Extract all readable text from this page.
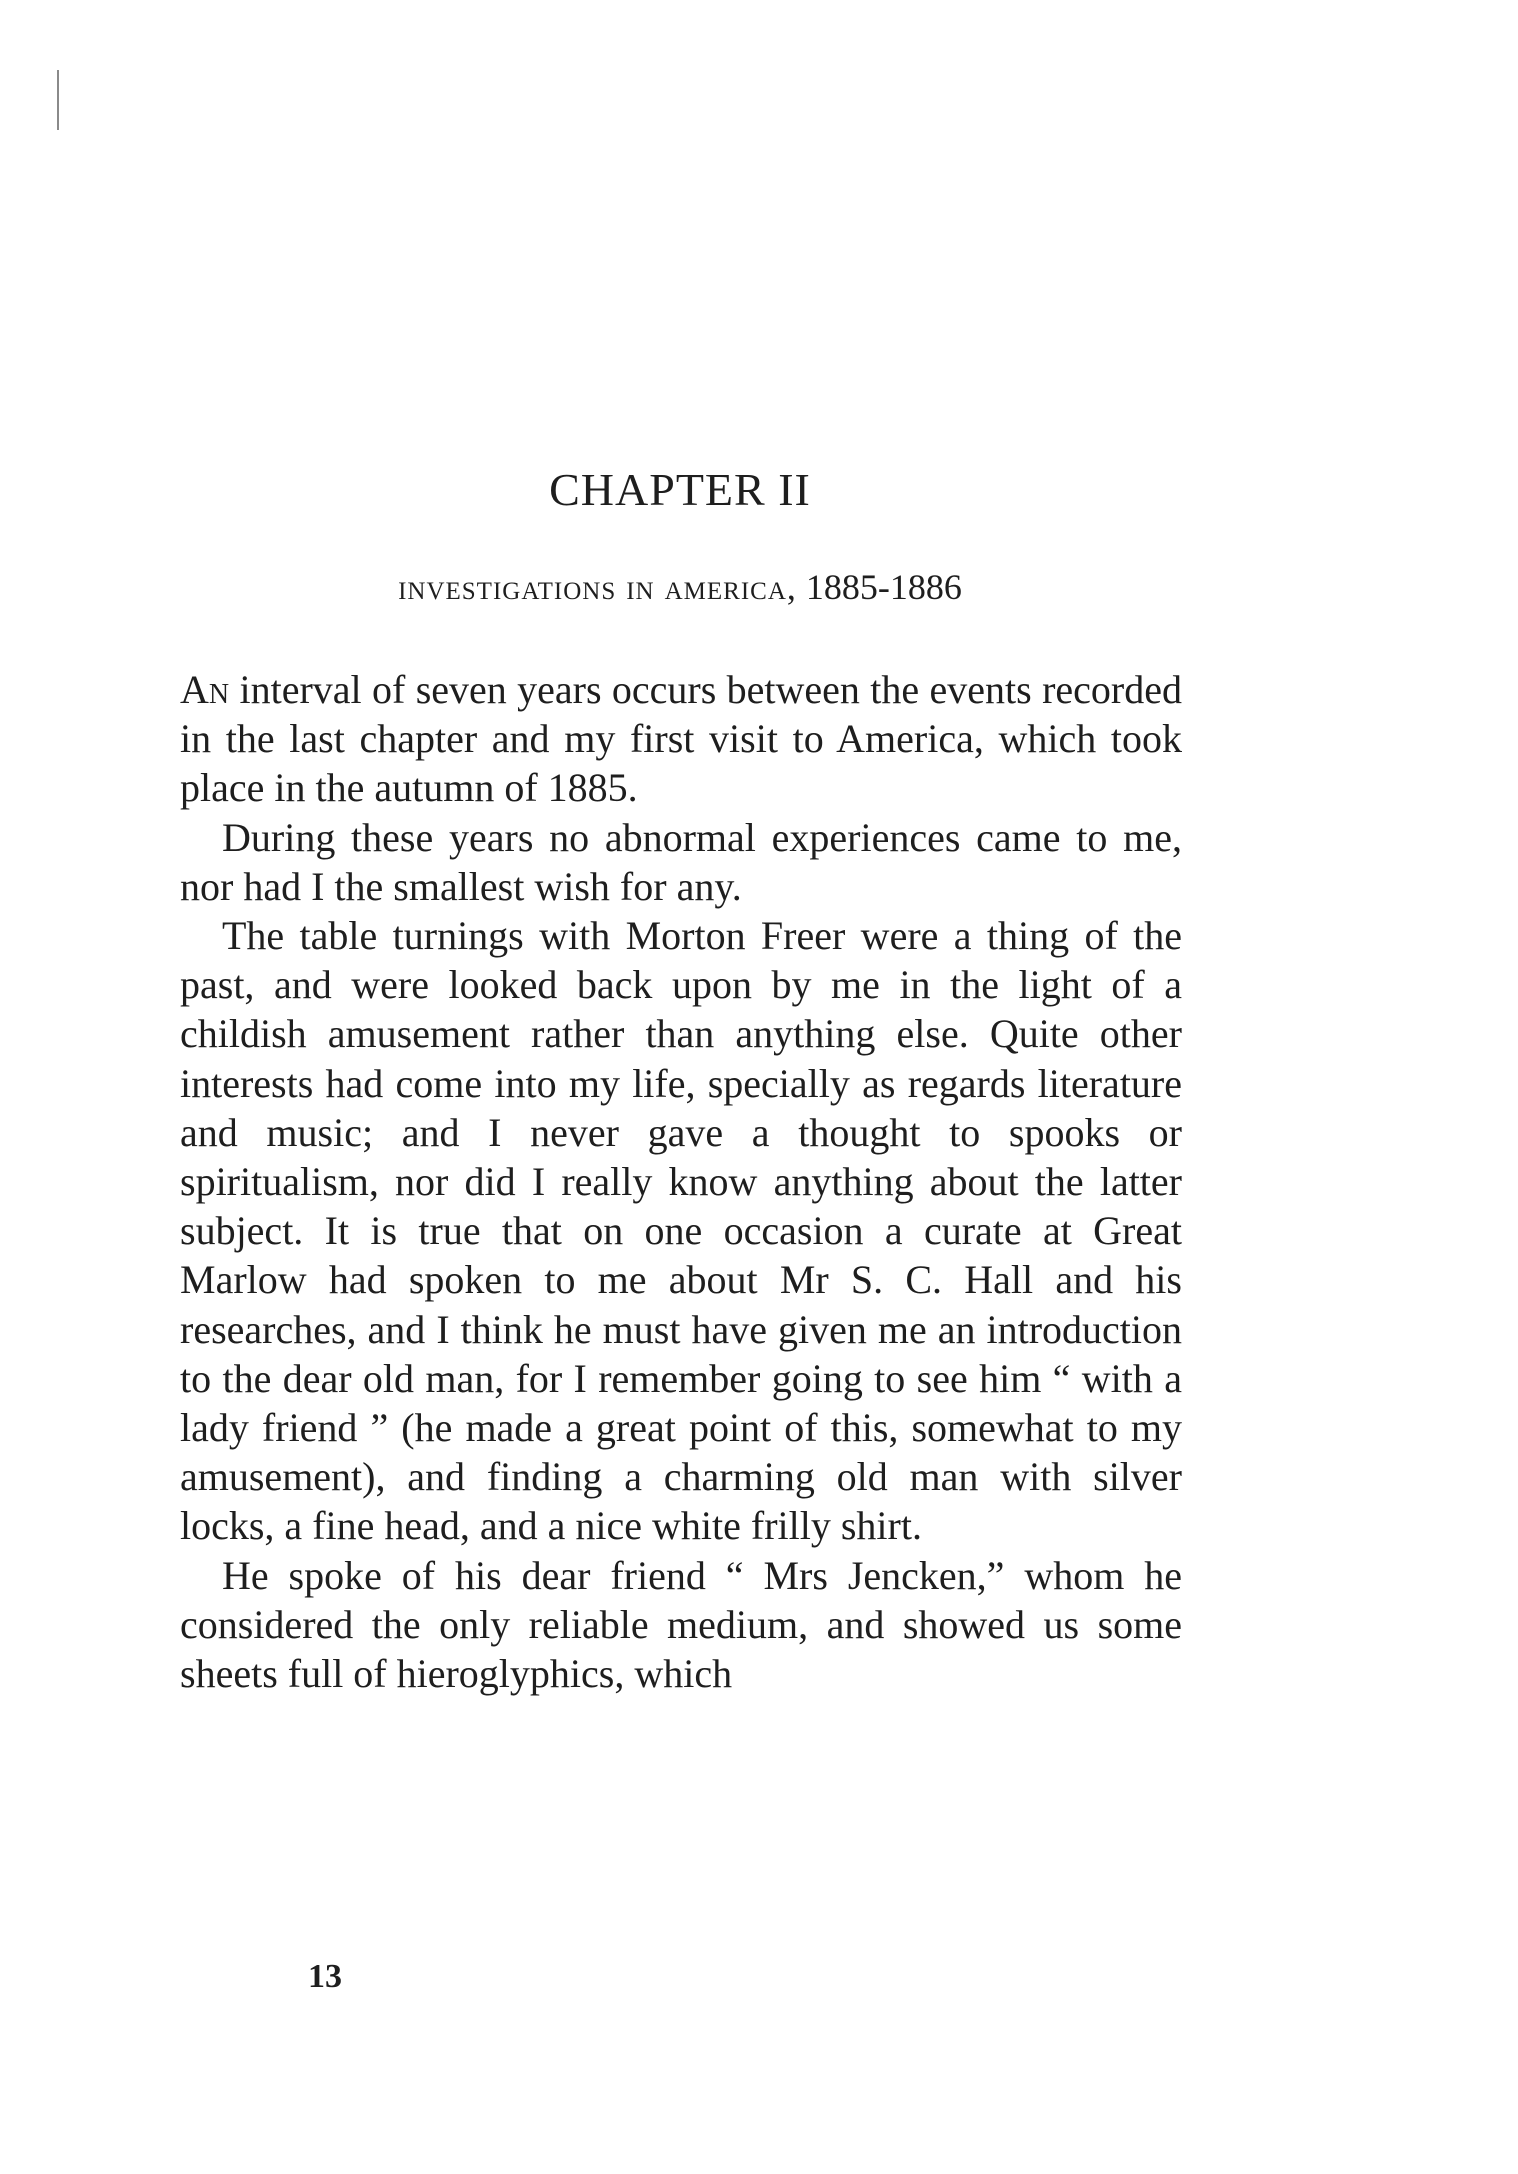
CHAPTER II
investigations in america, 1885-1886

An interval of seven years occurs between the events recorded in the last chapter and my first visit to America, which took place in the autumn of 1885.

During these years no abnormal experiences came to me, nor had I the smallest wish for any.

The table turnings with Morton Freer were a thing of the past, and were looked back upon by me in the light of a childish amusement rather than anything else. Quite other interests had come into my life, specially as regards literature and music; and I never gave a thought to spooks or spiritualism, nor did I really know anything about the latter subject. It is true that on one occasion a curate at Great Marlow had spoken to me about Mr S. C. Hall and his researches, and I think he must have given me an introduction to the dear old man, for I remember going to see him “ with a lady friend ” (he made a great point of this, somewhat to my amusement), and finding a charming old man with silver locks, a fine head, and a nice white frilly shirt.

He spoke of his dear friend “ Mrs Jencken,” whom he considered the only reliable medium, and showed us some sheets full of hieroglyphics, which

13
